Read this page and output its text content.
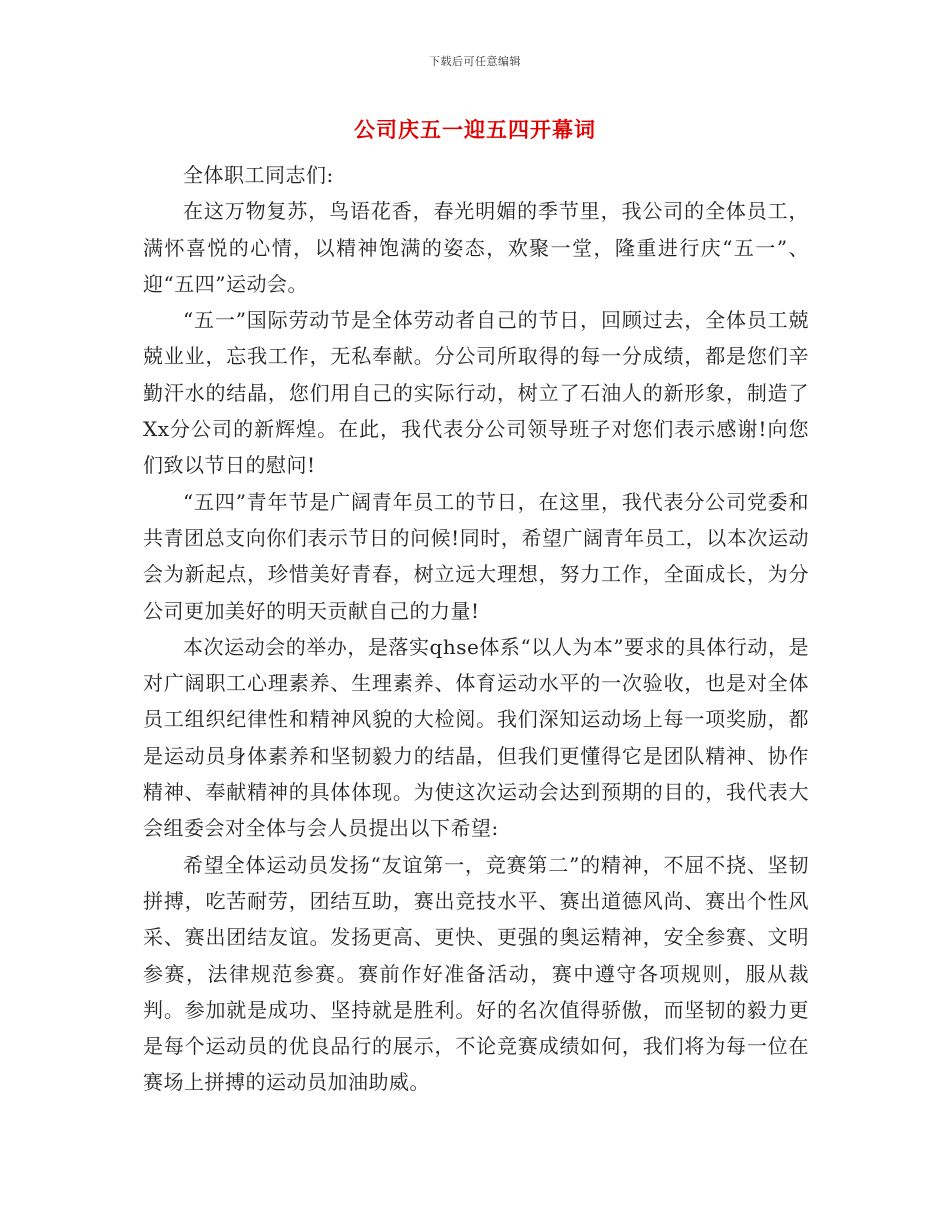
下载后可任意编辑
公司庆五一迎五四开幕词

全体职工同志们:

在这万物复苏，鸟语花香，春光明媚的季节里，我公司的全体员工，满怀喜悦的心情，以精神饱满的姿态，欢聚一堂，隆重进行庆“五一”、迎“五四”运动会。

“五一”国际劳动节是全体劳动者自己的节日，回顾过去，全体员工兢兢业业，忘我工作，无私奉献。分公司所取得的每一分成绩，都是您们辛勤汗水的结晶，您们用自己的实际行动，树立了石油人的新形象，制造了Xx分公司的新辉煌。在此，我代表分公司领导班子对您们表示感谢!向您们致以节日的慰问!

“五四”青年节是广阔青年员工的节日，在这里，我代表分公司党委和共青团总支向你们表示节日的问候!同时，希望广阔青年员工，以本次运动会为新起点，珍惜美好青春，树立远大理想，努力工作，全面成长，为分公司更加美好的明天贡献自己的力量!

本次运动会的举办，是落实qhse体系“以人为本”要求的具体行动，是对广阔职工心理素养、生理素养、体育运动水平的一次验收，也是对全体员工组织纪律性和精神风貌的大检阅。我们深知运动场上每一项奖励，都是运动员身体素养和坚韧毅力的结晶，但我们更懂得它是团队精神、协作精神、奉献精神的具体体现。为使这次运动会达到预期的目的，我代表大会组委会对全体与会人员提出以下希望:

希望全体运动员发扬“友谊第一，竞赛第二”的精神，不屈不挠、坚韧拼搏，吃苦耐劳，团结互助，赛出竞技水平、赛出道德风尚、赛出个性风采、赛出团结友谊。发扬更高、更快、更强的奥运精神，安全参赛、文明参赛，法律规范参赛。赛前作好准备活动，赛中遵守各项规则，服从裁判。参加就是成功、坚持就是胜利。好的名次值得骄傲，而坚韧的毅力更是每个运动员的优良品行的展示，不论竞赛成绩如何，我们将为每一位在赛场上拼搏的运动员加油助威。
